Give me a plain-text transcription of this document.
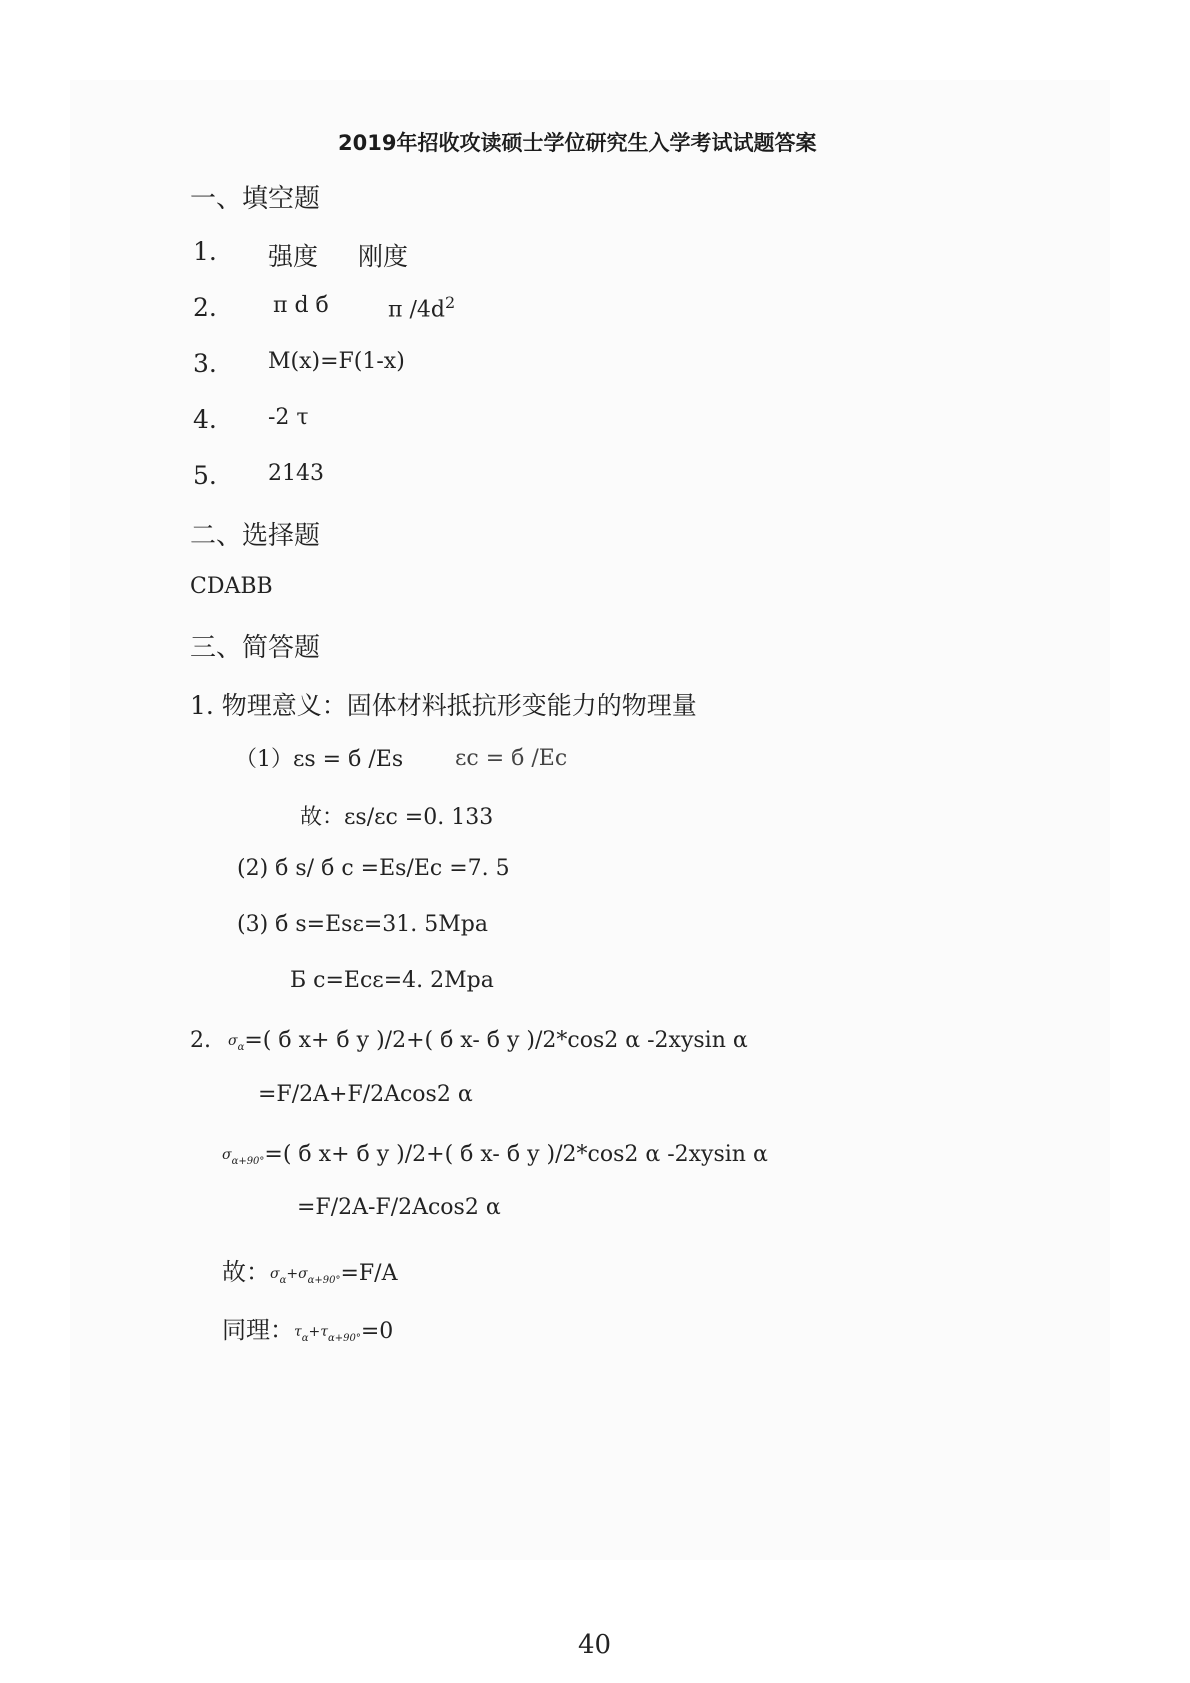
2019年招收攻读硕士学位研究生入学考试试题答案
一、填空题
1. 强度 刚度
2.	π d б	π $/4d^2$
3. M(x)=F(1-x)
4. -2 τ
5. 2143
二、选择题
CDABB
三、简答题
1. 物理意义：固体材料抵抗形变能力的物理量
（1）εs = б /Es εc = б /Ec
故：εs/εc =0. 133
(2) б s/ б c =Es/Ec =7. 5
(3) б s=Esε=31. 5Mpa
Б c=Ecε=4. 2Mpa
2. $\sigma_\alpha=$( б x+ б y )/2+( б x- б y )/2*cos2 α -2xysin α
=F/2A+F/2Acos2 α
$\sigma_{\alpha+90^\circ}=$( б x+ б y )/2+( б x- б y )/2*cos2 α -2xysin α
=F/2A-F/2Acos2 α
故：$\sigma_\alpha+\sigma_{\alpha+90^\circ}=F/A$
同理：$\tau_\alpha+\tau_{\alpha+90^\circ}=0$
40
